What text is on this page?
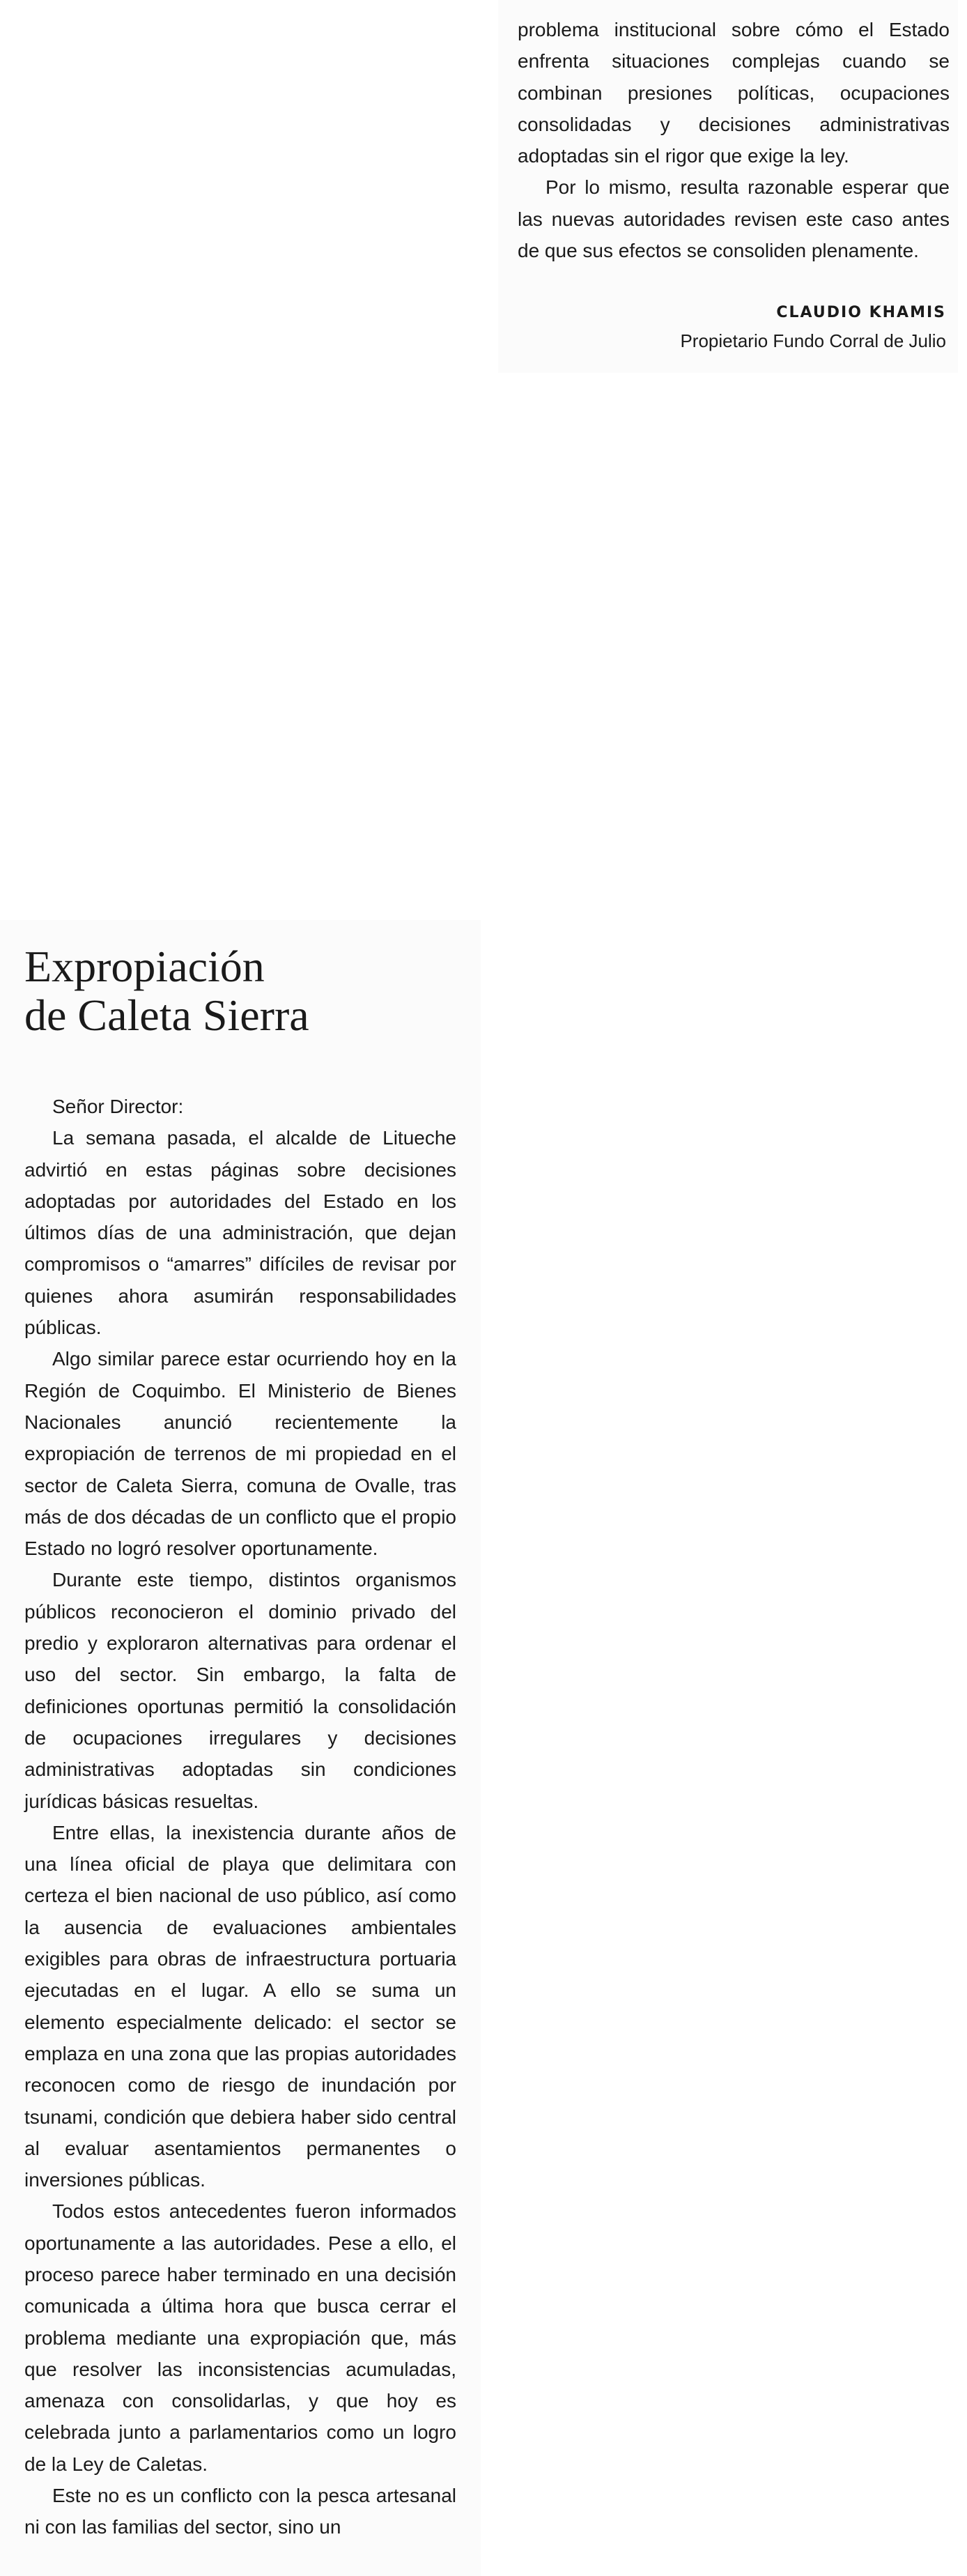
problema institucional sobre cómo el Estado enfrenta situaciones complejas cuando se combinan presiones políticas, ocupaciones consolidadas y decisiones administrativas adoptadas sin el rigor que exige la ley.

Por lo mismo, resulta razonable esperar que las nuevas autoridades revisen este caso antes de que sus efectos se consoliden plenamente.

CLAUDIO KHAMIS
Propietario Fundo Corral de Julio
Expropiación
de Caleta Sierra

Señor Director:

La semana pasada, el alcalde de Litueche advirtió en estas páginas sobre decisiones adoptadas por autoridades del Estado en los últimos días de una administración, que dejan compromisos o “amarres” difíciles de revisar por quienes ahora asumirán responsabilidades públicas.

Algo similar parece estar ocurriendo hoy en la Región de Coquimbo. El Ministerio de Bienes Nacionales anunció recientemente la expropiación de terrenos de mi propiedad en el sector de Caleta Sierra, comuna de Ovalle, tras más de dos décadas de un conflicto que el propio Estado no logró resolver oportunamente.

Durante este tiempo, distintos organismos públicos reconocieron el dominio privado del predio y exploraron alternativas para ordenar el uso del sector. Sin embargo, la falta de definiciones oportunas permitió la consolidación de ocupaciones irregulares y decisiones administrativas adoptadas sin condiciones jurídicas básicas resueltas.

Entre ellas, la inexistencia durante años de una línea oficial de playa que delimitara con certeza el bien nacional de uso público, así como la ausencia de evaluaciones ambientales exigibles para obras de infraestructura portuaria ejecutadas en el lugar. A ello se suma un elemento especialmente delicado: el sector se emplaza en una zona que las propias autoridades reconocen como de riesgo de inundación por tsunami, condición que debiera haber sido central al evaluar asentamientos permanentes o inversiones públicas.

Todos estos antecedentes fueron informados oportunamente a las autoridades. Pese a ello, el proceso parece haber terminado en una decisión comunicada a última hora que busca cerrar el problema mediante una expropiación que, más que resolver las inconsistencias acumuladas, amenaza con consolidarlas, y que hoy es celebrada junto a parlamentarios como un logro de la Ley de Caletas.

Este no es un conflicto con la pesca artesanal ni con las familias del sector, sino un
